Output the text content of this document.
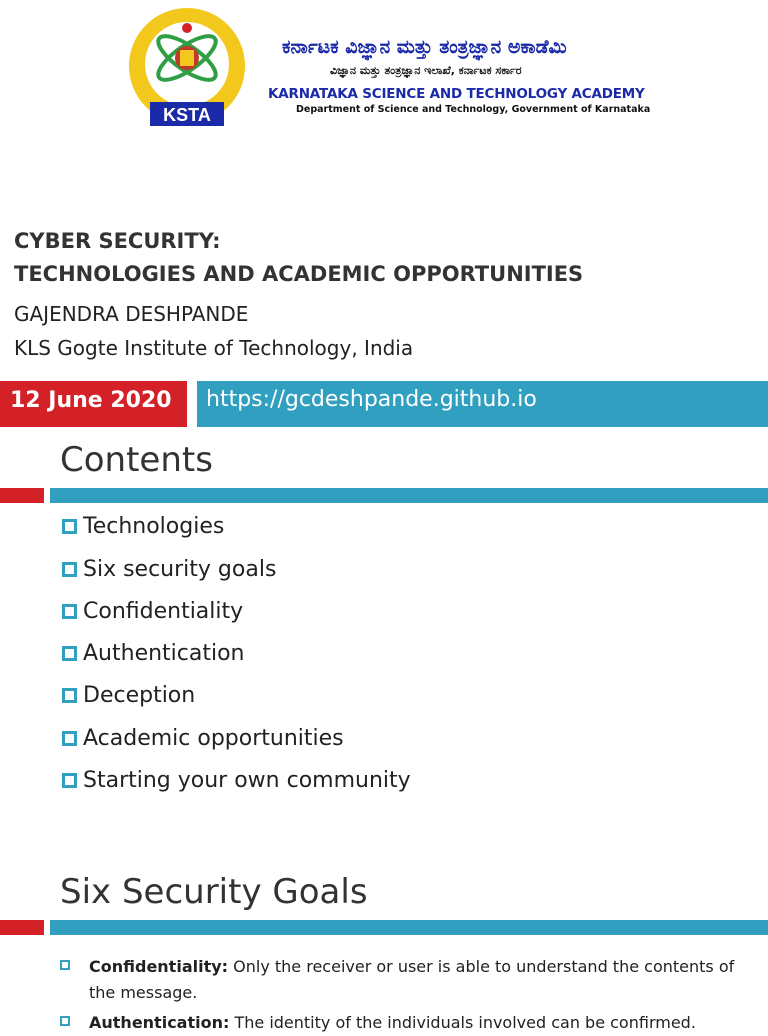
KSTA
ಕರ್ನಾಟಕ ವಿಜ್ಞಾನ ಮತ್ತು ತಂತ್ರಜ್ಞಾನ ಅಕಾಡೆಮಿ
ವಿಜ್ಞಾನ ಮತ್ತು ತಂತ್ರಜ್ಞಾನ ಇಲಾಖೆ, ಕರ್ನಾಟಕ ಸರ್ಕಾರ
KARNATAKA SCIENCE AND TECHNOLOGY ACADEMY
Department of Science and Technology, Government of Karnataka
CYBER SECURITY:
TECHNOLOGIES AND ACADEMIC OPPORTUNITIES
GAJENDRA DESHPANDE
KLS Gogte Institute of Technology, India
12 June 2020 https://gcdeshpande.github.io
Contents
Technologies
Six security goals
Confidentiality
Authentication
Deception
Academic opportunities
Starting your own community
Six Security Goals
Confidentiality: Only the receiver or user is able to understand the contents of the message.
Authentication: The identity of the individuals involved can be confirmed.
